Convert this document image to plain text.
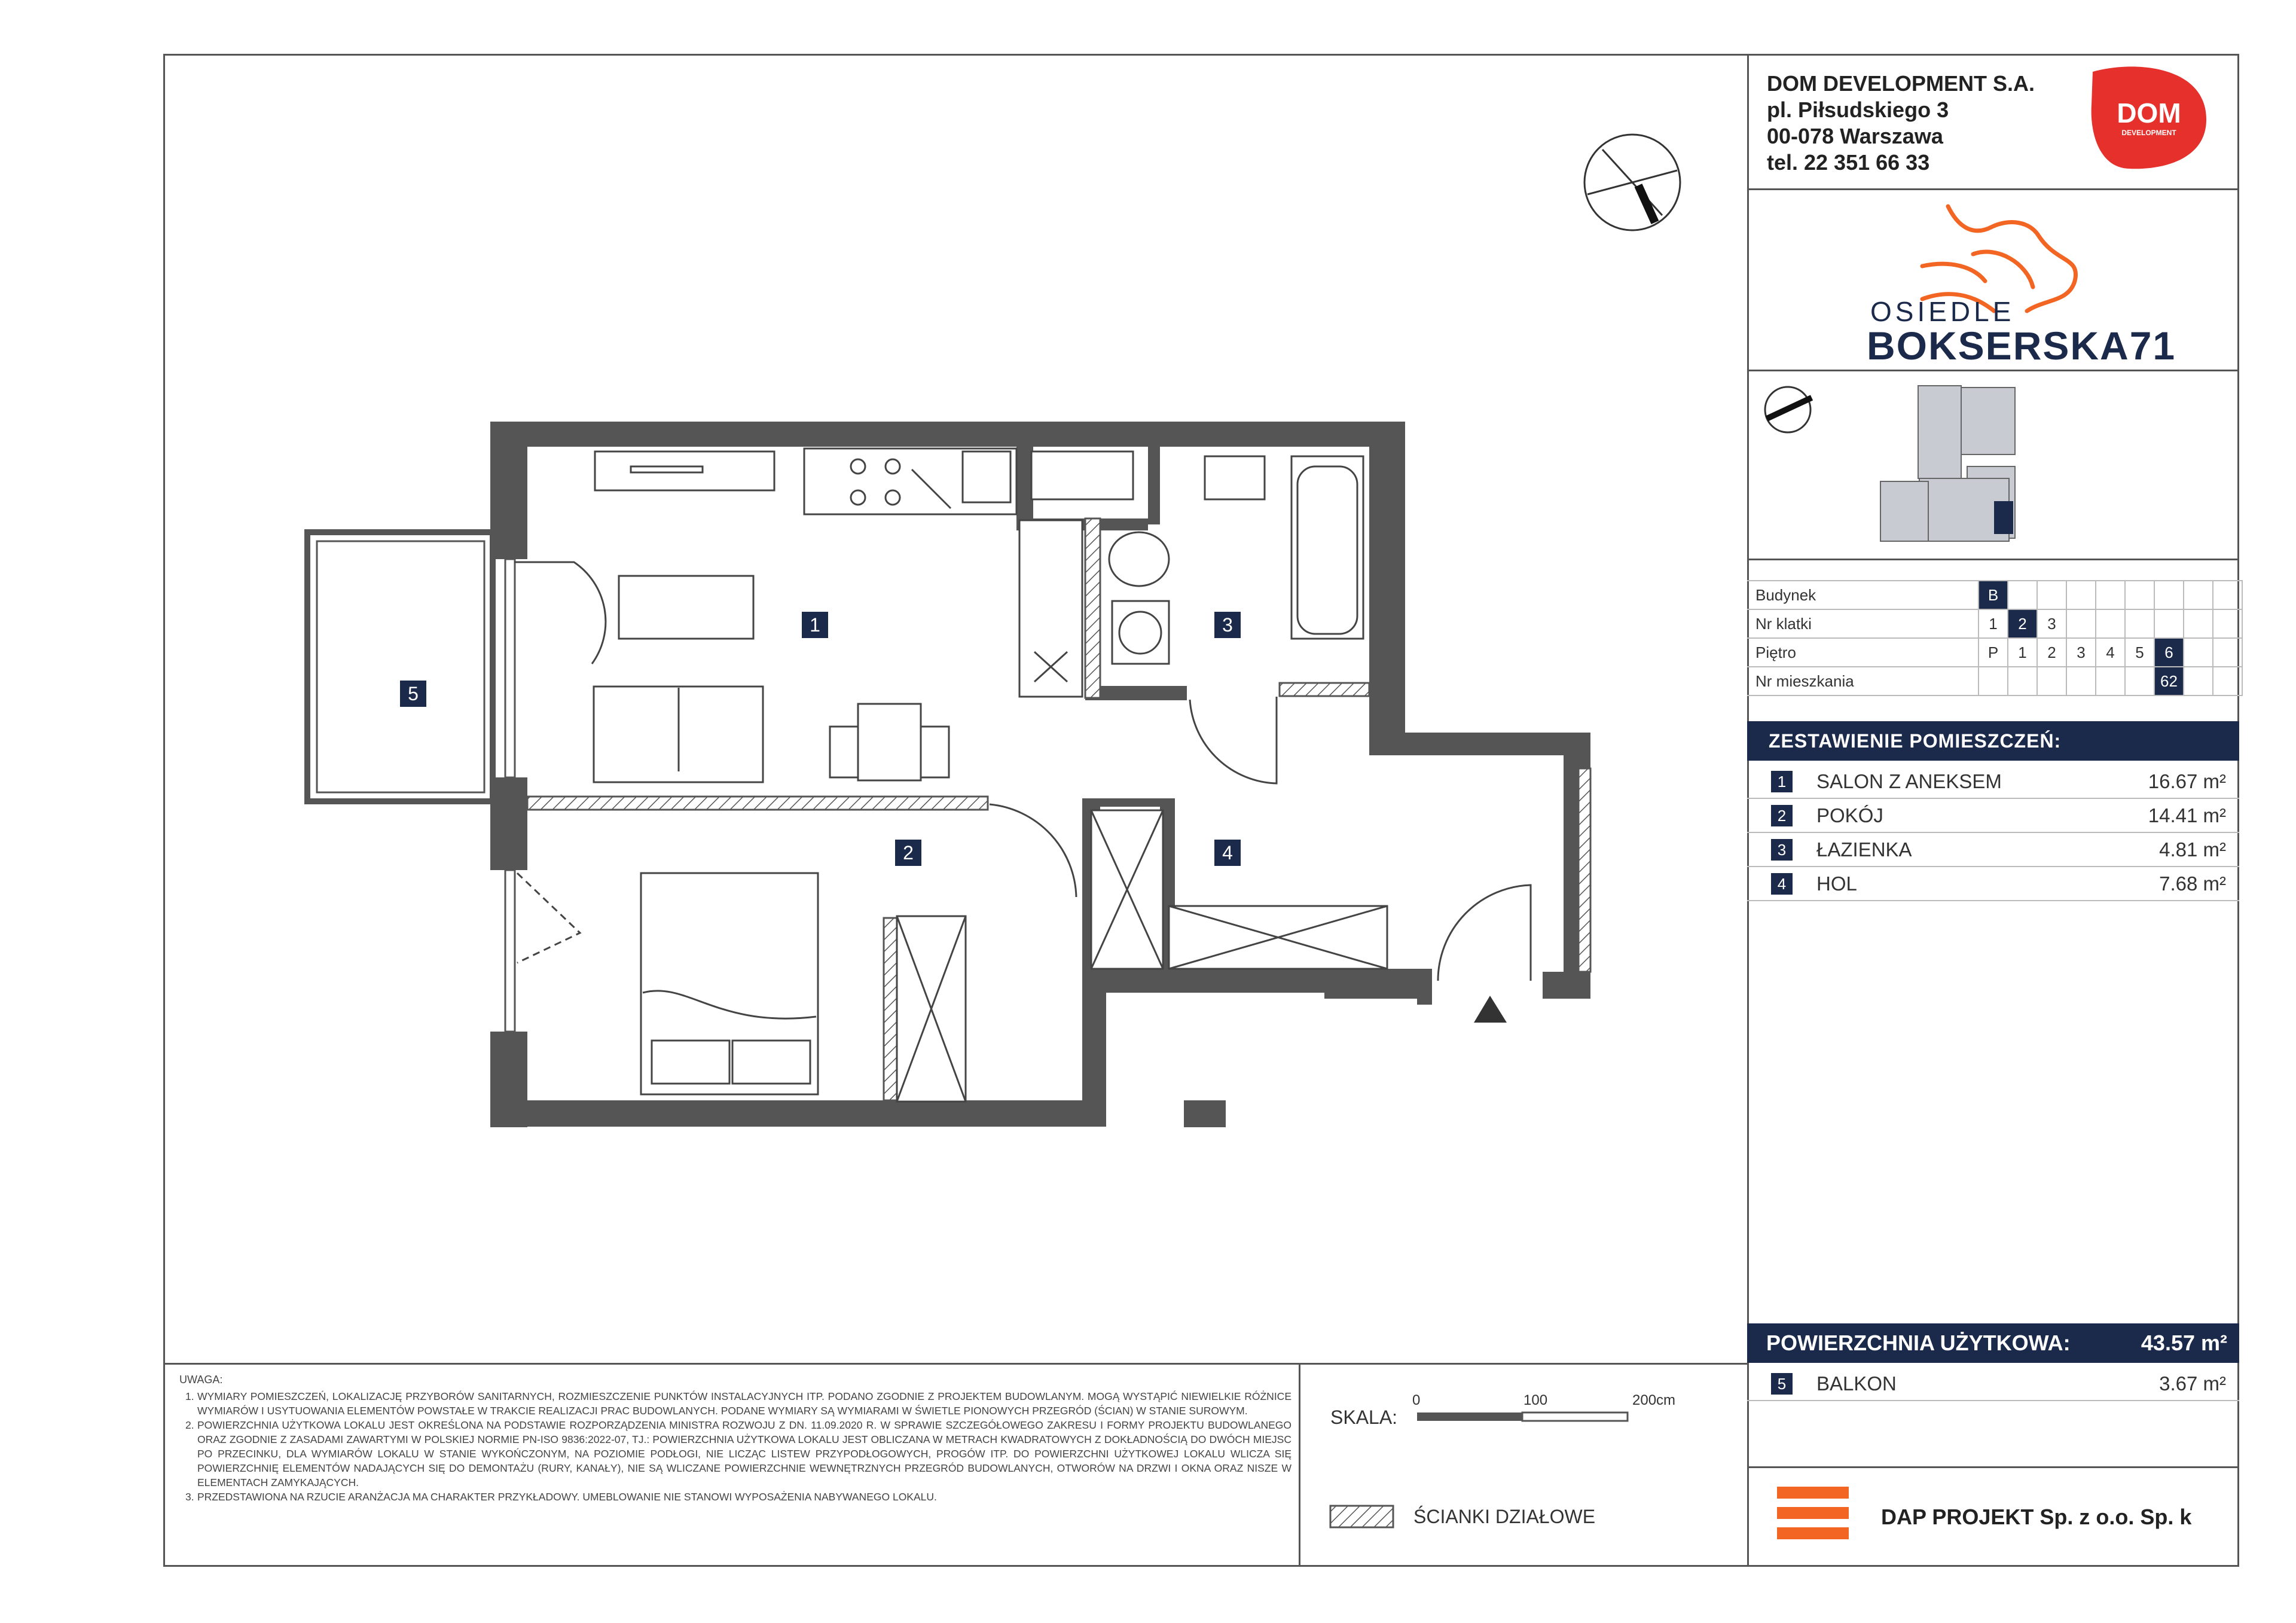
DOM
DEVELOPMENT
1
2
3
4
5
DOM DEVELOPMENT S.A.
pl. Piłsudskiego 3
00-078 Warszawa
tel. 22 351 66 33
OSIEDLE
BOKSERSKA71
Budynek	B								
Nr klatki	1	2	3						
Piętro	P	1	2	3	4	5	6		
Nr mieszkania							62		
ZESTAWIENIE POMIESZCZEŃ:
1	SALON Z ANEKSEM	16.67 m²
2	POKÓJ	14.41 m²
3	ŁAZIENKA	4.81 m²
4	HOL	7.68 m²
POWIERZCHNIA UŻYTKOWA:	43.57 m²
5	BALKON	3.67 m²
DAP PROJEKT Sp. z o.o. Sp. k
UWAGA:
1. WYMIARY POMIESZCZEŃ, LOKALIZACJĘ PRZYBORÓW SANITARNYCH, ROZMIESZCZENIE PUNKTÓW INSTALACYJNYCH ITP. PODANO ZGODNIE Z PROJEKTEM BUDOWLANYM. MOGĄ WYSTĄPIĆ NIEWIELKIE RÓŻNICE WYMIARÓW I USYTUOWANIA ELEMENTÓW POWSTAŁE W TRAKCIE REALIZACJI PRAC BUDOWLANYCH. PODANE WYMIARY SĄ WYMIARAMI W ŚWIETLE PIONOWYCH PRZEGRÓD (ŚCIAN) W STANIE SUROWYM.
2. POWIERZCHNIA UŻYTKOWA LOKALU JEST OKREŚLONA NA PODSTAWIE ROZPORZĄDZENIA MINISTRA ROZWOJU Z DN. 11.09.2020 R. W SPRAWIE SZCZEGÓŁOWEGO ZAKRESU I FORMY PROJEKTU BUDOWLANEGO ORAZ ZGODNIE Z ZASADAMI ZAWARTYMI W POLSKIEJ NORMIE PN-ISO 9836:2022-07, TJ.: POWIERZCHNIA UŻYTKOWA LOKALU JEST OBLICZANA W METRACH KWADRATOWYCH Z DOKŁADNOŚCIĄ DO DWÓCH MIEJSC PO PRZECINKU, DLA WYMIARÓW LOKALU W STANIE WYKOŃCZONYM, NA POZIOMIE PODŁOGI, NIE LICZĄC LISTEW PRZYPODŁOGOWYCH, PROGÓW ITP. DO POWIERZCHNI UŻYTKOWEJ LOKALU WLICZA SIĘ POWIERZCHNIĘ ELEMENTÓW NADAJĄCYCH SIĘ DO DEMONTAŻU (RURY, KANAŁY), NIE SĄ WLICZANE POWIERZCHNIE WEWNĘTRZNYCH PRZEGRÓD BUDOWLANYCH, OTWORÓW NA DRZWI I OKNA ORAZ NISZE W ELEMENTACH ZAMYKAJĄCYCH.
3. PRZEDSTAWIONA NA RZUCIE ARANŻACJA MA CHARAKTER PRZYKŁADOWY. UMEBLOWANIE NIE STANOWI WYPOSAŻENIA NABYWANEGO LOKALU.
SKALA:
0	100	200cm
ŚCIANKI DZIAŁOWE
